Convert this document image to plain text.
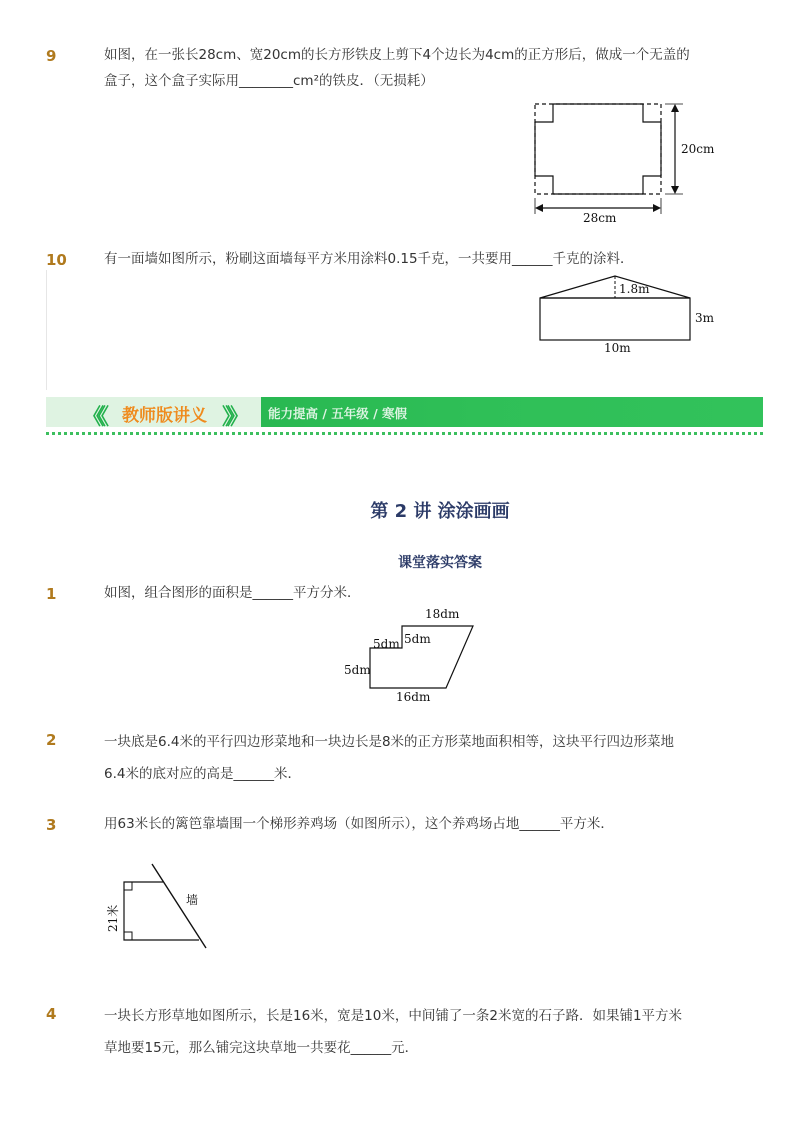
9	如图，在一张长28cm、宽20cm的长方形铁皮上剪下4个边长为4cm的正方形后，做成一个无盖的
盒子，这个盒子实际用________cm²的铁皮．（无损耗）
20cm
28cm
10	有一面墙如图所示，粉刷这面墙每平方米用涂料0.15千克，一共要用______千克的涂料．
1.8m
3m
10m
《《 教师版讲义 》》 能力提高 / 五年级 / 寒假
第 2 讲 涂涂画画
课堂落实答案
1	如图，组合图形的面积是______平方分米．
18dm
5dm
5dm
5dm
16dm
2	一块底是6.4米的平行四边形菜地和一块边长是8米的正方形菜地面积相等，这块平行四边形菜地
6.4米的底对应的高是______米．
3	用63米长的篱笆靠墙围一个梯形养鸡场（如图所示），这个养鸡场占地______平方米．
墙
21米
4	一块长方形草地如图所示，长是16米，宽是10米，中间铺了一条2米宽的石子路．如果铺1平方米
草地要15元，那么铺完这块草地一共要花______元．
